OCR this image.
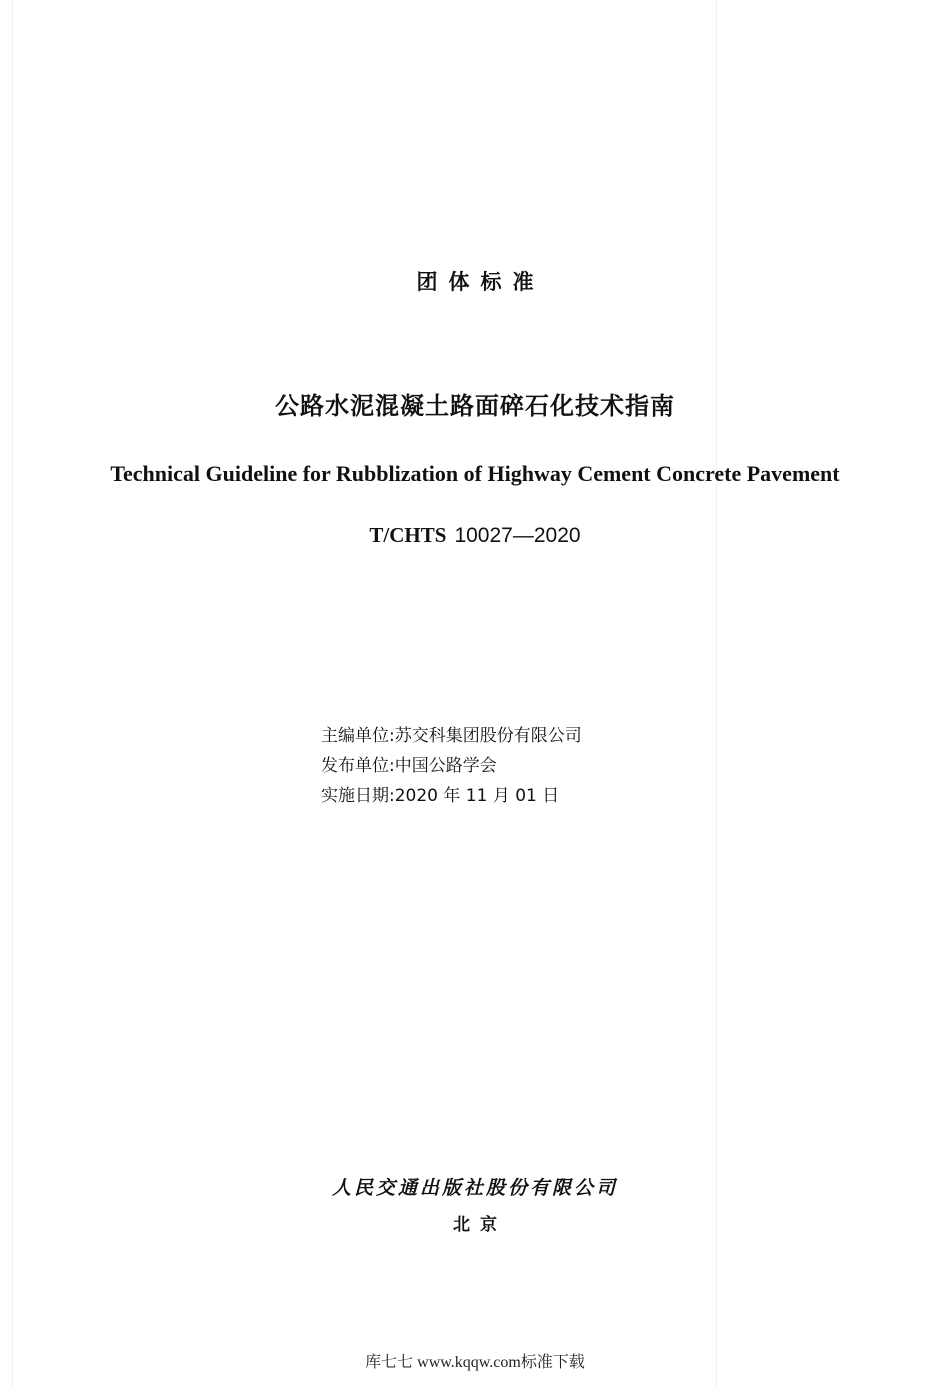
团体标准
公路水泥混凝土路面碎石化技术指南
Technical Guideline for Rubblization of Highway Cement Concrete Pavement
T/CHTS 10027—2020
主编单位:苏交科集团股份有限公司
发布单位:中国公路学会
实施日期:2020 年 11 月 01 日
人民交通出版社股份有限公司
北京
库七七 www.kqqw.com标准下载
